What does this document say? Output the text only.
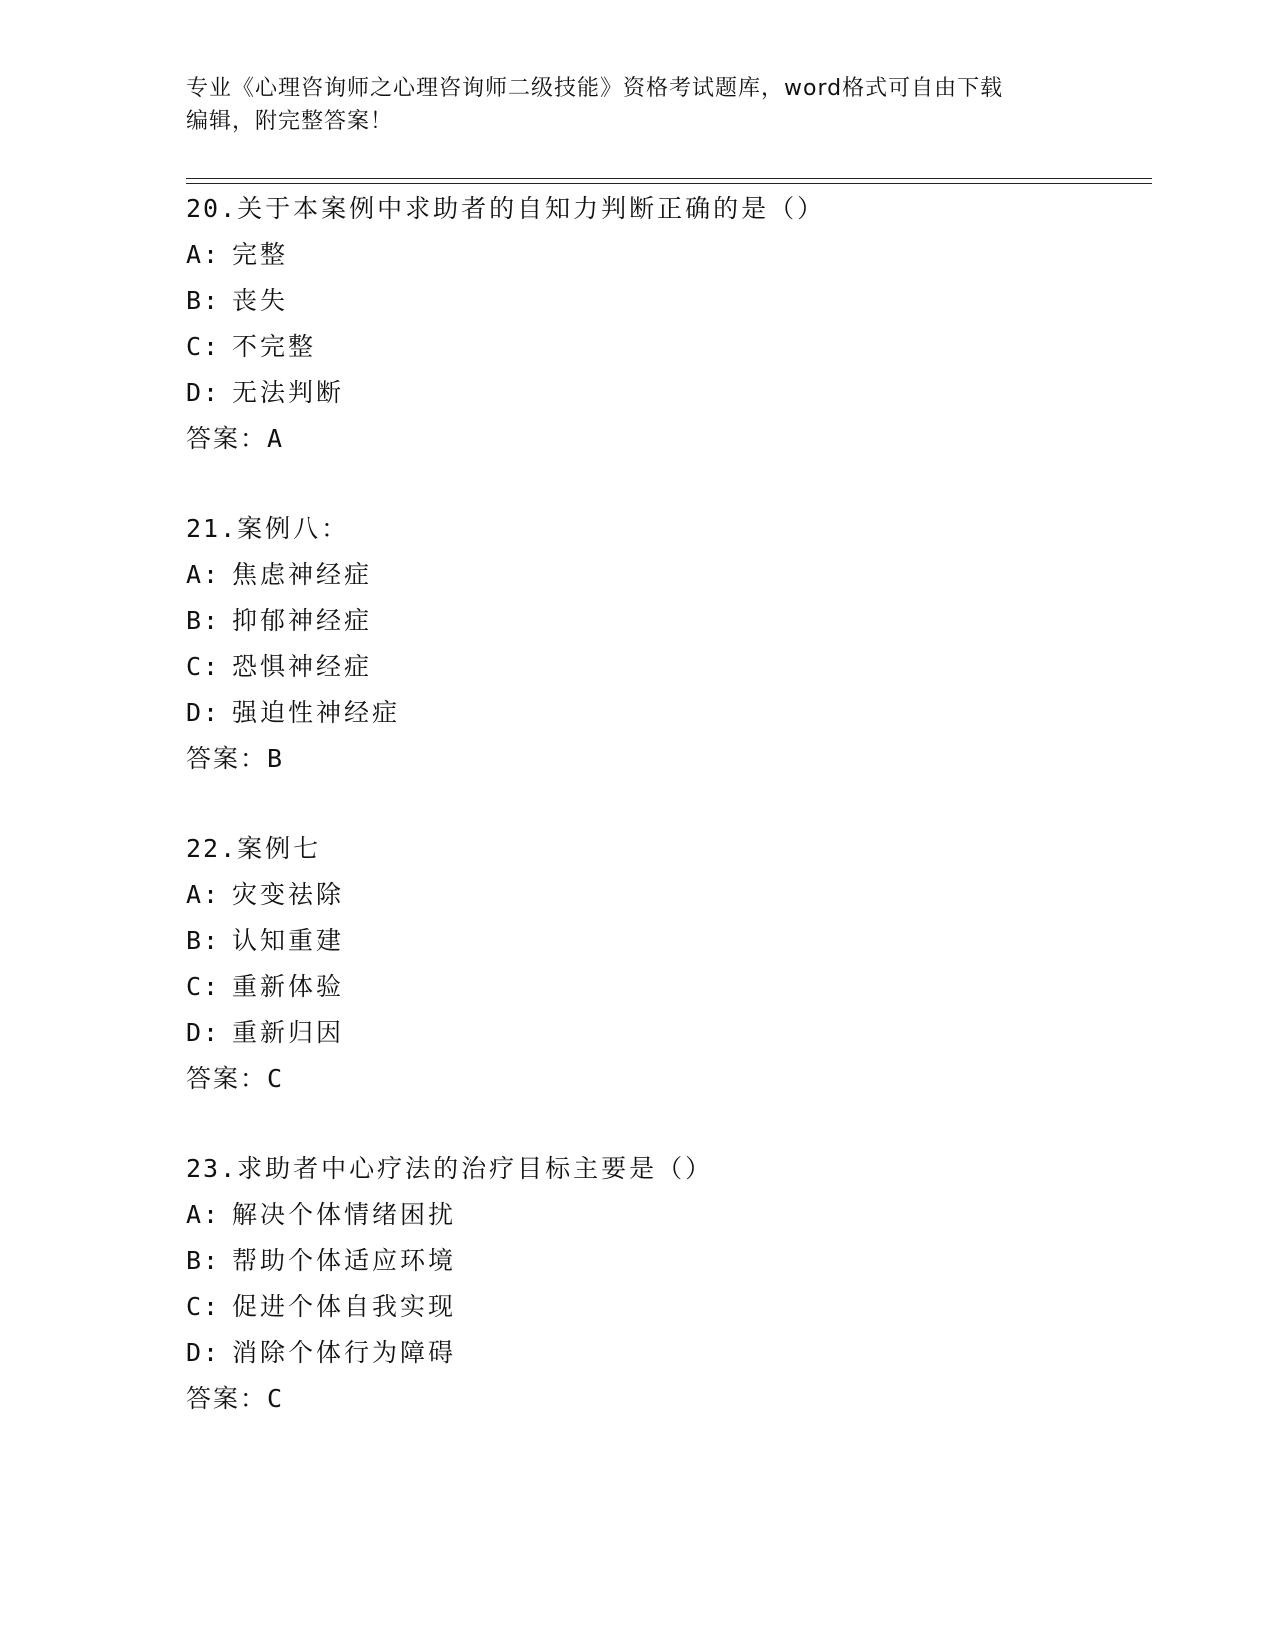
专业《心理咨询师之心理咨询师二级技能》资格考试题库，word格式可自由下载
编辑，附完整答案！
20.关于本案例中求助者的自知力判断正确的是（）
A: 完整
B: 丧失
C: 不完整
D: 无法判断
答案：A
21.案例八：
A: 焦虑神经症
B: 抑郁神经症
C: 恐惧神经症
D: 强迫性神经症
答案：B
22.案例七
A: 灾变祛除
B: 认知重建
C: 重新体验
D: 重新归因
答案：C
23.求助者中心疗法的治疗目标主要是（）
A: 解决个体情绪困扰
B: 帮助个体适应环境
C: 促进个体自我实现
D: 消除个体行为障碍
答案：C
